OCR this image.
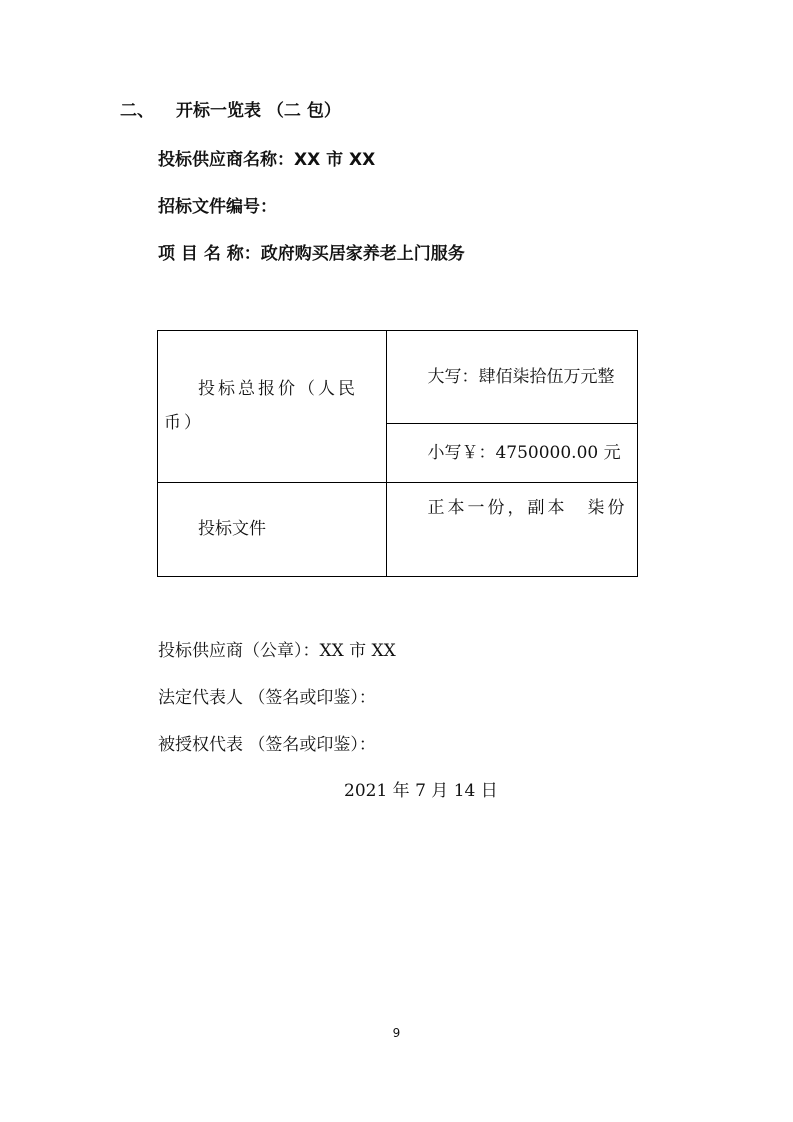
二、 开标一览表 （二 包）
投标供应商名称：XX 市 XX
招标文件编号：
项 目 名 称：政府购买居家养老上门服务
投标总报价（人民币）	大写：肆佰柒拾伍万元整

	小写￥：4750000.00 元

投标文件	正本一份，副本　柒份
投标供应商（公章）：XX 市 XX
法定代表人 （签名或印鉴）：
被授权代表 （签名或印鉴）：
2021 年 7 月 14 日
9
